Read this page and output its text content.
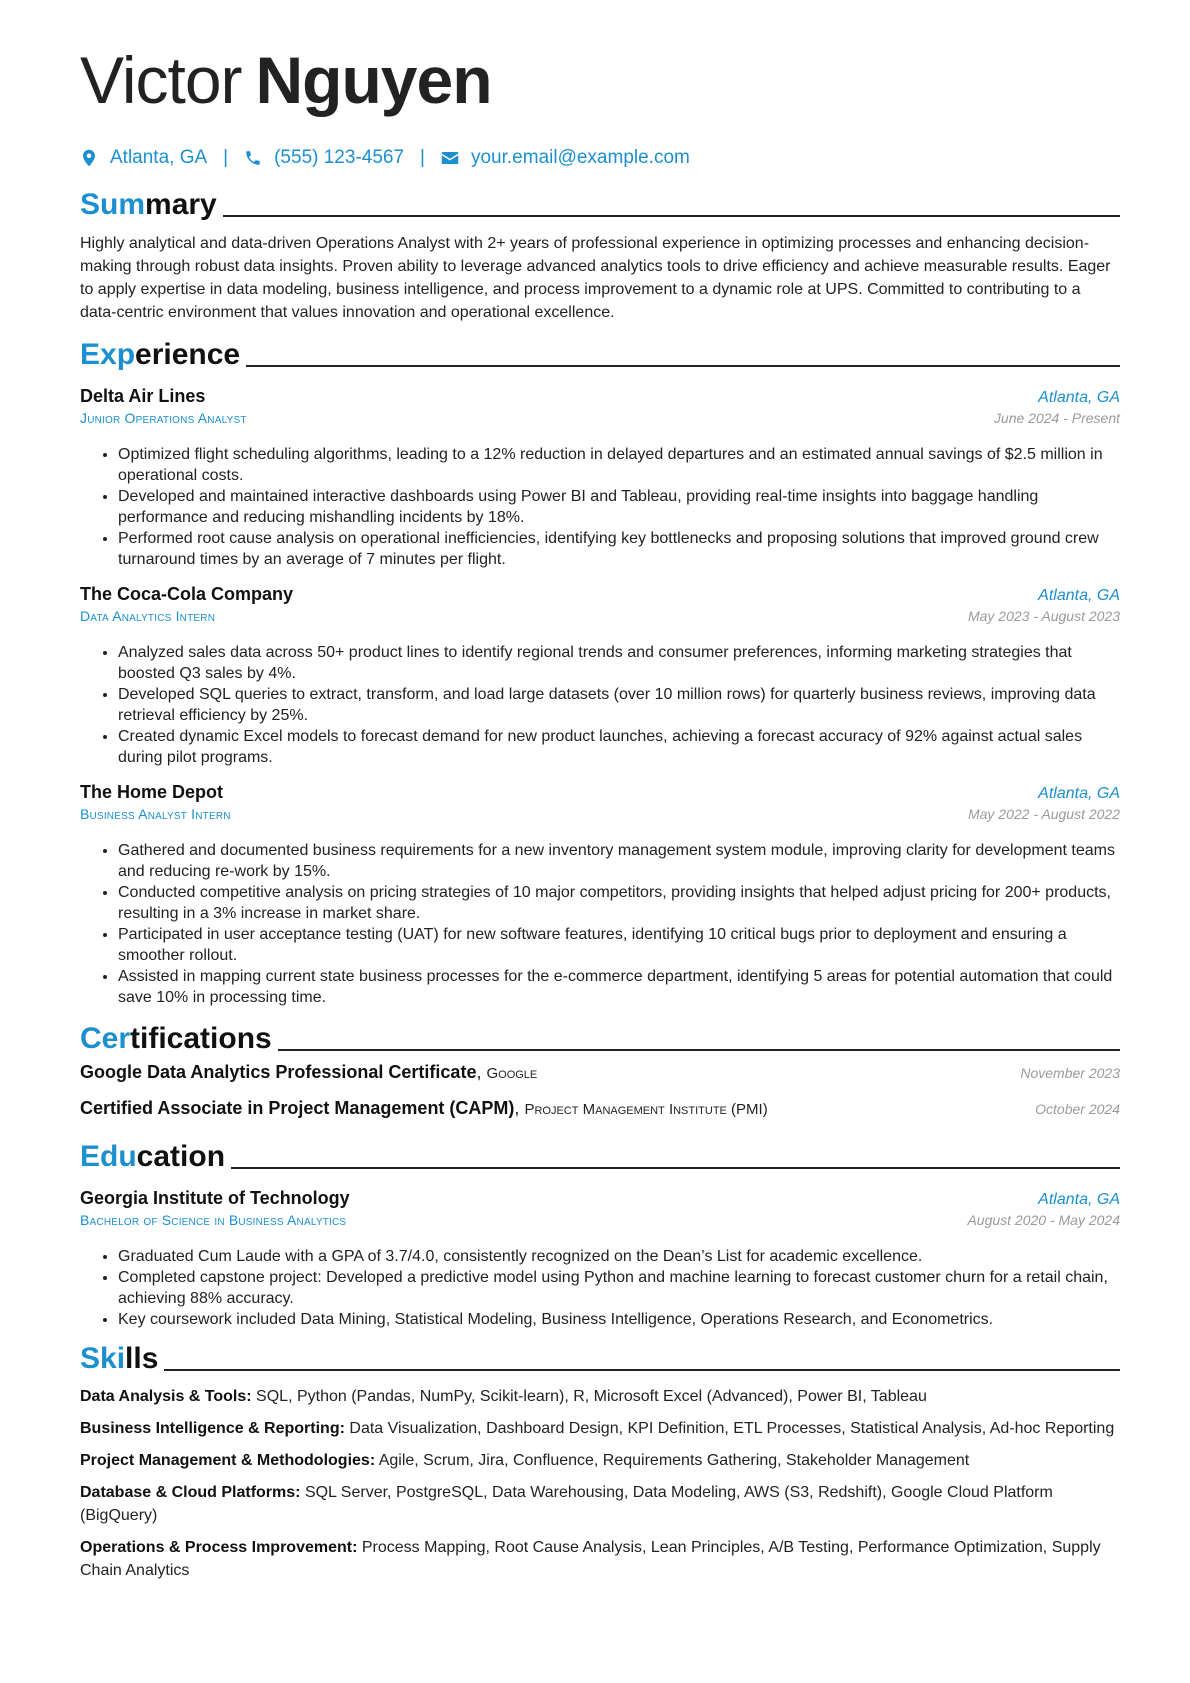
Victor Nguyen
Atlanta, GA | (555) 123-4567 | your.email@example.com
Sum mary
Highly analytical and data-driven Operations Analyst with 2+ years of professional experience in optimizing processes and enhancing decision-making through robust data insights. Proven ability to leverage advanced analytics tools to drive efficiency and achieve measurable results. Eager to apply expertise in data modeling, business intelligence, and process improvement to a dynamic role at UPS. Committed to contributing to a data-centric environment that values innovation and operational excellence.
Exp erience
Delta Air Lines	Atlanta, GA
Junior Operations Analyst	June 2024 - Present
• Optimized flight scheduling algorithms, leading to a 12% reduction in delayed departures and an estimated annual savings of $2.5 million in operational costs.
• Developed and maintained interactive dashboards using Power BI and Tableau, providing real-time insights into baggage handling performance and reducing mishandling incidents by 18%.
• Performed root cause analysis on operational inefficiencies, identifying key bottlenecks and proposing solutions that improved ground crew turnaround times by an average of 7 minutes per flight.
The Coca-Cola Company	Atlanta, GA
Data Analytics Intern	May 2023 - August 2023
• Analyzed sales data across 50+ product lines to identify regional trends and consumer preferences, informing marketing strategies that boosted Q3 sales by 4%.
• Developed SQL queries to extract, transform, and load large datasets (over 10 million rows) for quarterly business reviews, improving data retrieval efficiency by 25%.
• Created dynamic Excel models to forecast demand for new product launches, achieving a forecast accuracy of 92% against actual sales during pilot programs.
The Home Depot	Atlanta, GA
Business Analyst Intern	May 2022 - August 2022
• Gathered and documented business requirements for a new inventory management system module, improving clarity for development teams and reducing re-work by 15%.
• Conducted competitive analysis on pricing strategies of 10 major competitors, providing insights that helped adjust pricing for 200+ products, resulting in a 3% increase in market share.
• Participated in user acceptance testing (UAT) for new software features, identifying 10 critical bugs prior to deployment and ensuring a smoother rollout.
• Assisted in mapping current state business processes for the e-commerce department, identifying 5 areas for potential automation that could save 10% in processing time.
Cer tifications
Google Data Analytics Professional Certificate, Google	November 2023
Certified Associate in Project Management (CAPM), Project Management Institute (PMI)	October 2024
Edu cation
Georgia Institute of Technology	Atlanta, GA
Bachelor of Science in Business Analytics	August 2020 - May 2024
• Graduated Cum Laude with a GPA of 3.7/4.0, consistently recognized on the Dean’s List for academic excellence.
• Completed capstone project: Developed a predictive model using Python and machine learning to forecast customer churn for a retail chain, achieving 88% accuracy.
• Key coursework included Data Mining, Statistical Modeling, Business Intelligence, Operations Research, and Econometrics.
Ski lls
Data Analysis & Tools: SQL, Python (Pandas, NumPy, Scikit-learn), R, Microsoft Excel (Advanced), Power BI, Tableau
Business Intelligence & Reporting: Data Visualization, Dashboard Design, KPI Definition, ETL Processes, Statistical Analysis, Ad-hoc Reporting
Project Management & Methodologies: Agile, Scrum, Jira, Confluence, Requirements Gathering, Stakeholder Management
Database & Cloud Platforms: SQL Server, PostgreSQL, Data Warehousing, Data Modeling, AWS (S3, Redshift), Google Cloud Platform (BigQuery)
Operations & Process Improvement: Process Mapping, Root Cause Analysis, Lean Principles, A/B Testing, Performance Optimization, Supply Chain Analytics
